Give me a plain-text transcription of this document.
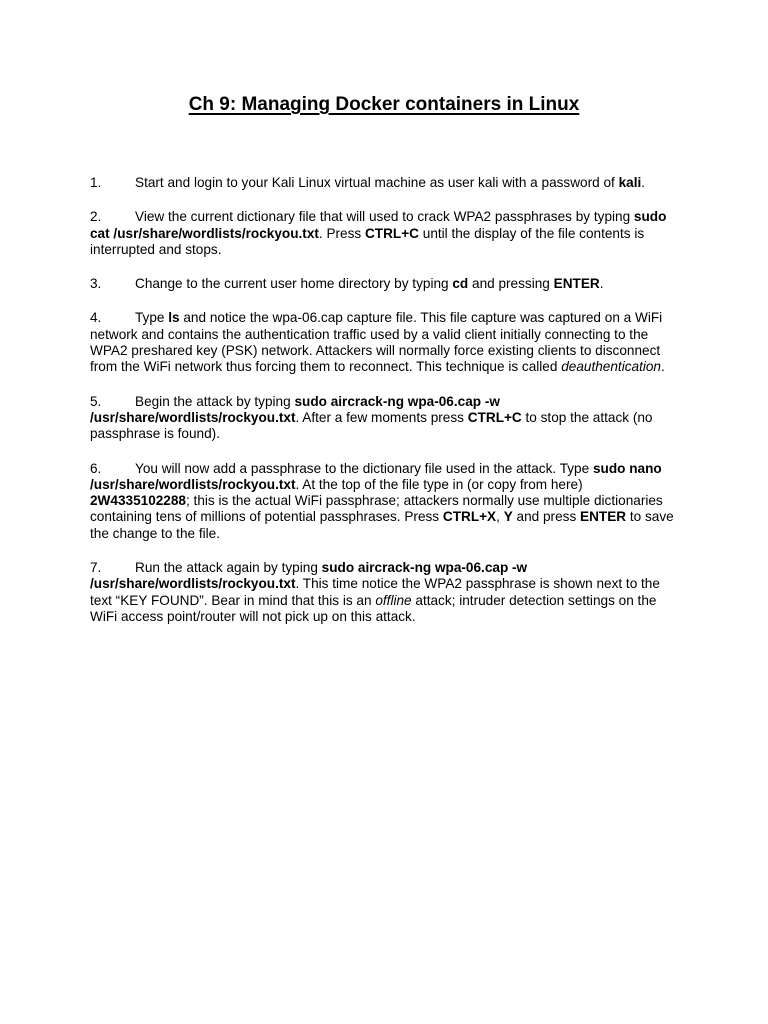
Ch 9: Managing Docker containers in Linux

1. Start and login to your Kali Linux virtual machine as user kali with a password of kali.

2. View the current dictionary file that will used to crack WPA2 passphrases by typing sudo cat /usr/share/wordlists/rockyou.txt. Press CTRL+C until the display of the file contents is interrupted and stops.

3. Change to the current user home directory by typing cd and pressing ENTER.

4. Type ls and notice the wpa-06.cap capture file. This file capture was captured on a WiFi network and contains the authentication traffic used by a valid client initially connecting to the WPA2 preshared key (PSK) network. Attackers will normally force existing clients to disconnect from the WiFi network thus forcing them to reconnect. This technique is called deauthentication.

5. Begin the attack by typing sudo aircrack-ng wpa-06.cap -w /usr/share/wordlists/rockyou.txt. After a few moments press CTRL+C to stop the attack (no passphrase is found).

6. You will now add a passphrase to the dictionary file used in the attack. Type sudo nano /usr/share/wordlists/rockyou.txt. At the top of the file type in (or copy from here) 2W4335102288; this is the actual WiFi passphrase; attackers normally use multiple dictionaries containing tens of millions of potential passphrases. Press CTRL+X, Y and press ENTER to save the change to the file.

7. Run the attack again by typing sudo aircrack-ng wpa-06.cap -w /usr/share/wordlists/rockyou.txt. This time notice the WPA2 passphrase is shown next to the text “KEY FOUND”. Bear in mind that this is an offline attack; intruder detection settings on the WiFi access point/router will not pick up on this attack.
